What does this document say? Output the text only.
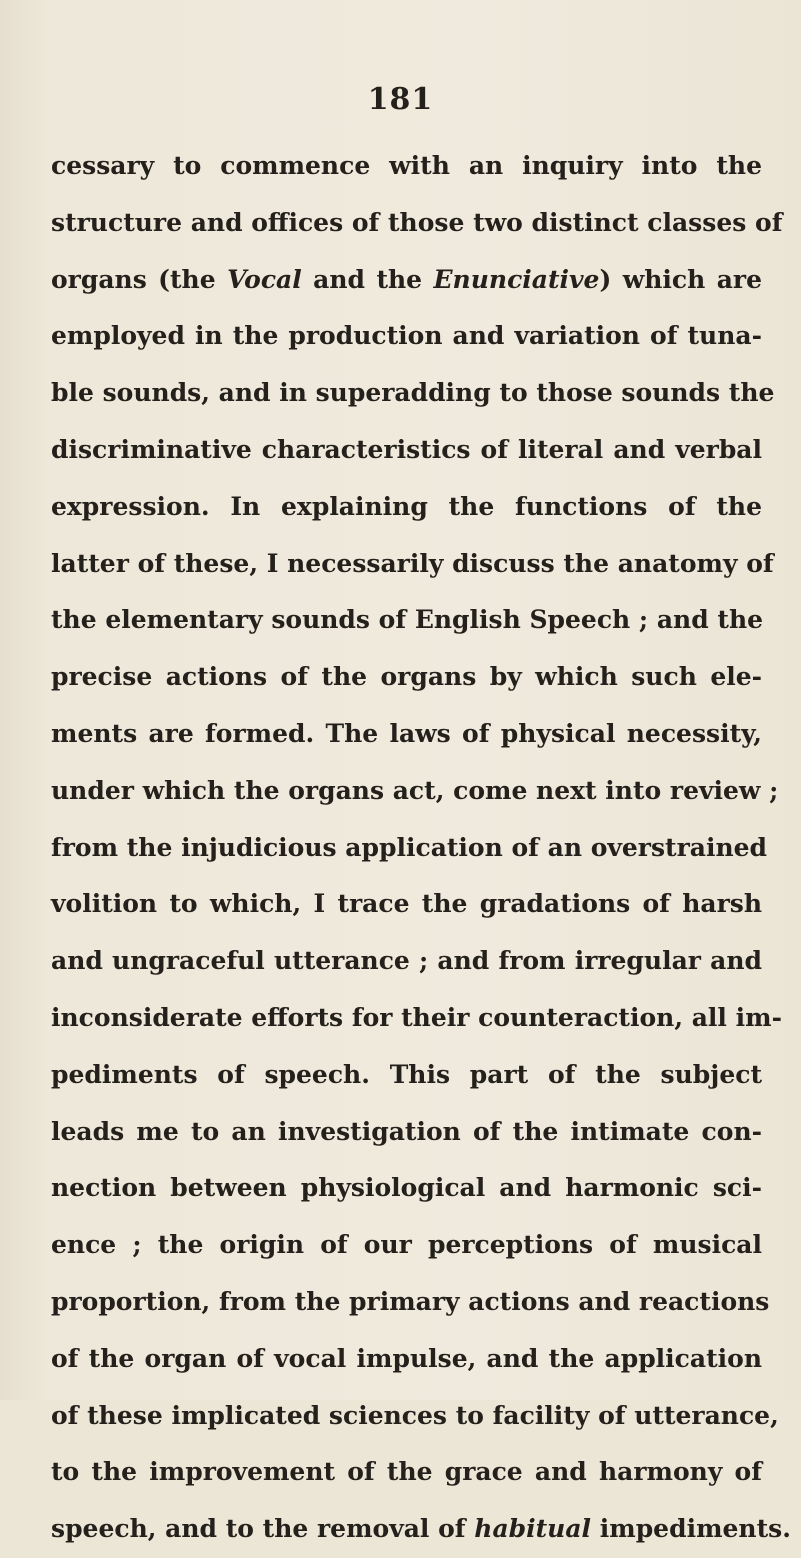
181
cessary to commence with an inquiry into the
structure and offices of those two distinct classes of
organs (the Vocal and the Enunciative) which are
employed in the production and variation of tuna-
ble sounds, and in superadding to those sounds the
discriminative characteristics of literal and verbal
expression. In explaining the functions of the
latter of these, I necessarily discuss the anatomy of
the elementary sounds of English Speech ; and the
precise actions of the organs by which such ele-
ments are formed. The laws of physical necessity,
under which the organs act, come next into review ;
from the injudicious application of an overstrained
volition to which, I trace the gradations of harsh
and ungraceful utterance ; and from irregular and
inconsiderate efforts for their counteraction, all im-
pediments of speech. This part of the subject
leads me to an investigation of the intimate con-
nection between physiological and harmonic sci-
ence ; the origin of our perceptions of musical
proportion, from the primary actions and reactions
of the organ of vocal impulse, and the application
of these implicated sciences to facility of utterance,
to the improvement of the grace and harmony of
speech, and to the removal of habitual impediments.
